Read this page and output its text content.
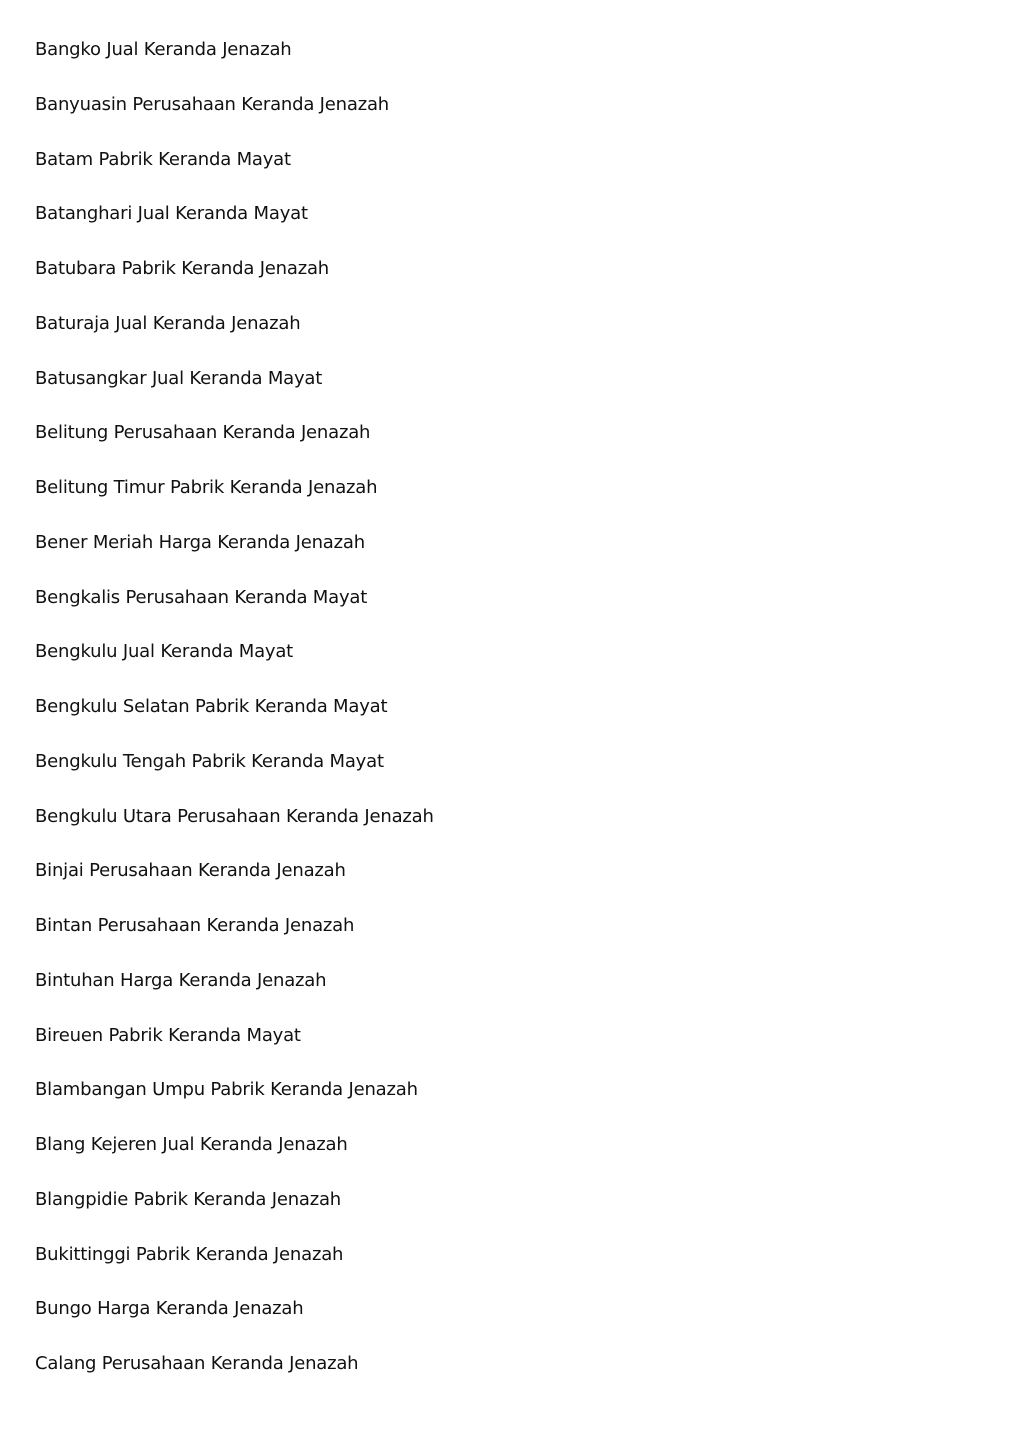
Bangko Jual Keranda Jenazah
Banyuasin Perusahaan Keranda Jenazah
Batam Pabrik Keranda Mayat
Batanghari Jual Keranda Mayat
Batubara Pabrik Keranda Jenazah
Baturaja Jual Keranda Jenazah
Batusangkar Jual Keranda Mayat
Belitung Perusahaan Keranda Jenazah
Belitung Timur Pabrik Keranda Jenazah
Bener Meriah Harga Keranda Jenazah
Bengkalis Perusahaan Keranda Mayat
Bengkulu Jual Keranda Mayat
Bengkulu Selatan Pabrik Keranda Mayat
Bengkulu Tengah Pabrik Keranda Mayat
Bengkulu Utara Perusahaan Keranda Jenazah
Binjai Perusahaan Keranda Jenazah
Bintan Perusahaan Keranda Jenazah
Bintuhan Harga Keranda Jenazah
Bireuen Pabrik Keranda Mayat
Blambangan Umpu Pabrik Keranda Jenazah
Blang Kejeren Jual Keranda Jenazah
Blangpidie Pabrik Keranda Jenazah
Bukittinggi Pabrik Keranda Jenazah
Bungo Harga Keranda Jenazah
Calang Perusahaan Keranda Jenazah
